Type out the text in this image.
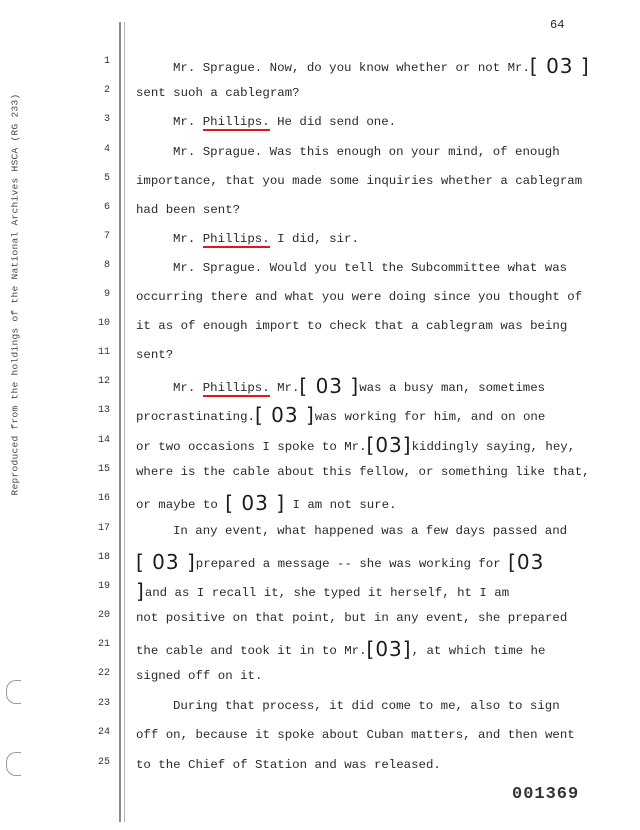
Reproduced from the holdings of the National Archives HSCA (RG 233)
64
1	Mr. Sprague. Now, do you know whether or not Mr.[ 03 ]
2 sent suoh a cablegram?
3	Mr. Phillips. He did send one.
4	Mr. Sprague. Was this enough on your mind, of enough
5 importance, that you made some inquiries whether a cablegram
6 had been sent?
7	Mr. Phillips. I did, sir.
8	Mr. Sprague. Would you tell the Subcommittee what was
9 occurring there and what you were doing since you thought of
10 it as of enough import to check that a cablegram was being
11 sent?
12	Mr. Phillips. Mr.[ 03 ]was a busy man, sometimes
13 procrastinating.[ 03 ]was working for him, and on one
14 or two occasions I spoke to Mr.[03]kiddingly saying, hey,
15 where is the cable about this fellow, or something like that,
16 or maybe to [ 03 ] I am not sure.
17	In any event, what happened was a few days passed and
18 [ 03 ]prepared a message -- she was working for [03
19 ]and as I recall it, she typed it herself, ht I am
20 not positive on that point, but in any event, she prepared
21 the cable and took it in to Mr.[03], at which time he
22 signed off on it.
23	During that process, it did come to me, also to sign
24 off on, because it spoke about Cuban matters, and then went
25 to the Chief of Station and was released.
001369
